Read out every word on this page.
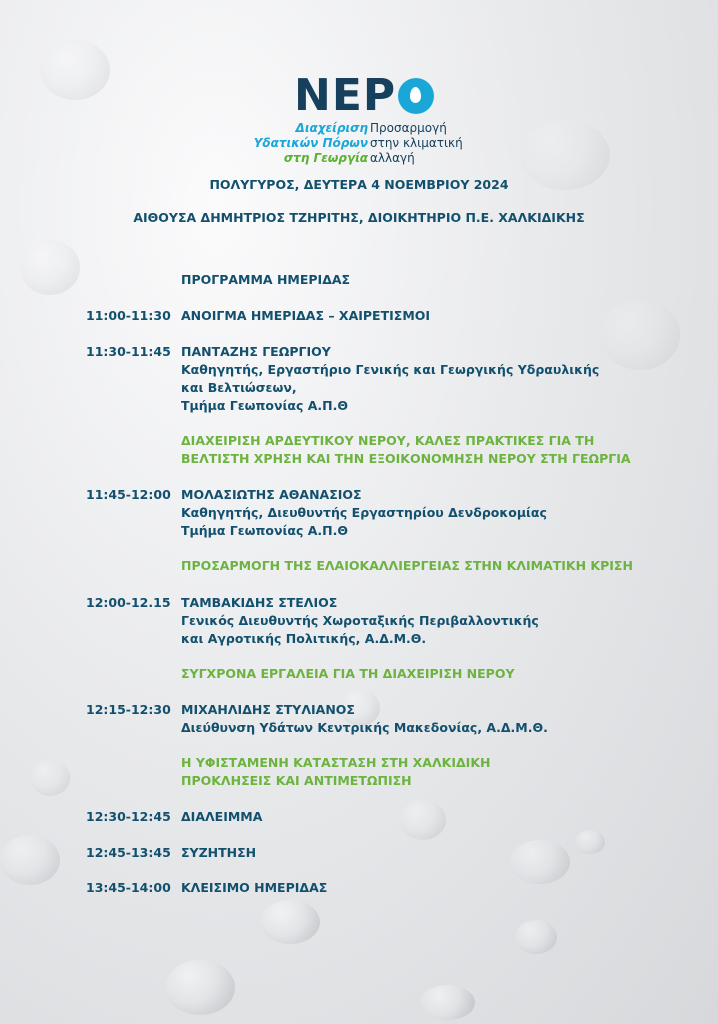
ΝΕΡ
Διαχείριση Προσαρμογή
Υδατικών Πόρων στην κλιματική
στη Γεωργία αλλαγή
ΠΟΛΥΓΥΡΟΣ, ΔΕΥΤΕΡΑ 4 ΝΟΕΜΒΡΙΟΥ 2024
ΑΙΘΟΥΣΑ ΔΗΜΗΤΡΙΟΣ ΤΖΗΡΙΤΗΣ, ΔΙΟΙΚΗΤΗΡΙΟ Π.Ε. ΧΑΛΚΙΔΙΚΗΣ
ΠΡΟΓΡΑΜΜΑ ΗΜΕΡΙΔΑΣ
11:00-11:30 ΑΝΟΙΓΜΑ ΗΜΕΡΙΔΑΣ – ΧΑΙΡΕΤΙΣΜΟΙ
11:30-11:45 ΠΑΝΤΑΖΗΣ ΓΕΩΡΓΙΟΥ
Καθηγητής, Εργαστήριο Γενικής και Γεωργικής Υδραυλικής
και Βελτιώσεων,
Τμήμα Γεωπονίας Α.Π.Θ
ΔΙΑΧΕΙΡΙΣΗ ΑΡΔΕΥΤΙΚΟΥ ΝΕΡΟΥ, ΚΑΛΕΣ ΠΡΑΚΤΙΚΕΣ ΓΙΑ ΤΗ
ΒΕΛΤΙΣΤΗ ΧΡΗΣΗ ΚΑΙ ΤΗΝ ΕΞΟΙΚΟΝΟΜΗΣΗ ΝΕΡΟΥ ΣΤΗ ΓΕΩΡΓΙΑ
11:45-12:00 ΜΟΛΑΣΙΩΤΗΣ ΑΘΑΝΑΣΙΟΣ
Καθηγητής, Διευθυντής Εργαστηρίου Δενδροκομίας
Τμήμα Γεωπονίας Α.Π.Θ
ΠΡΟΣΑΡΜΟΓΗ ΤΗΣ ΕΛΑΙΟΚΑΛΛΙΕΡΓΕΙΑΣ ΣΤΗΝ ΚΛΙΜΑΤΙΚΗ ΚΡΙΣΗ
12:00-12.15 ΤΑΜΒΑΚΙΔΗΣ ΣΤΕΛΙΟΣ
Γενικός Διευθυντής Χωροταξικής Περιβαλλοντικής
και Αγροτικής Πολιτικής, Α.Δ.Μ.Θ.
ΣΥΓΧΡΟΝΑ ΕΡΓΑΛΕΙΑ ΓΙΑ ΤΗ ΔΙΑΧΕΙΡΙΣΗ ΝΕΡΟΥ
12:15-12:30 ΜΙΧΑΗΛΙΔΗΣ ΣΤΥΛΙΑΝΟΣ
Διεύθυνση Υδάτων Κεντρικής Μακεδονίας, Α.Δ.Μ.Θ.
Η ΥΦΙΣΤΑΜΕΝΗ ΚΑΤΑΣΤΑΣΗ ΣΤΗ ΧΑΛΚΙΔΙΚΗ
ΠΡΟΚΛΗΣΕΙΣ ΚΑΙ ΑΝΤΙΜΕΤΩΠΙΣΗ
12:30-12:45 ΔΙΑΛΕΙΜΜΑ
12:45-13:45 ΣΥΖΗΤΗΣΗ
13:45-14:00 ΚΛΕΙΣΙΜΟ ΗΜΕΡΙΔΑΣ
